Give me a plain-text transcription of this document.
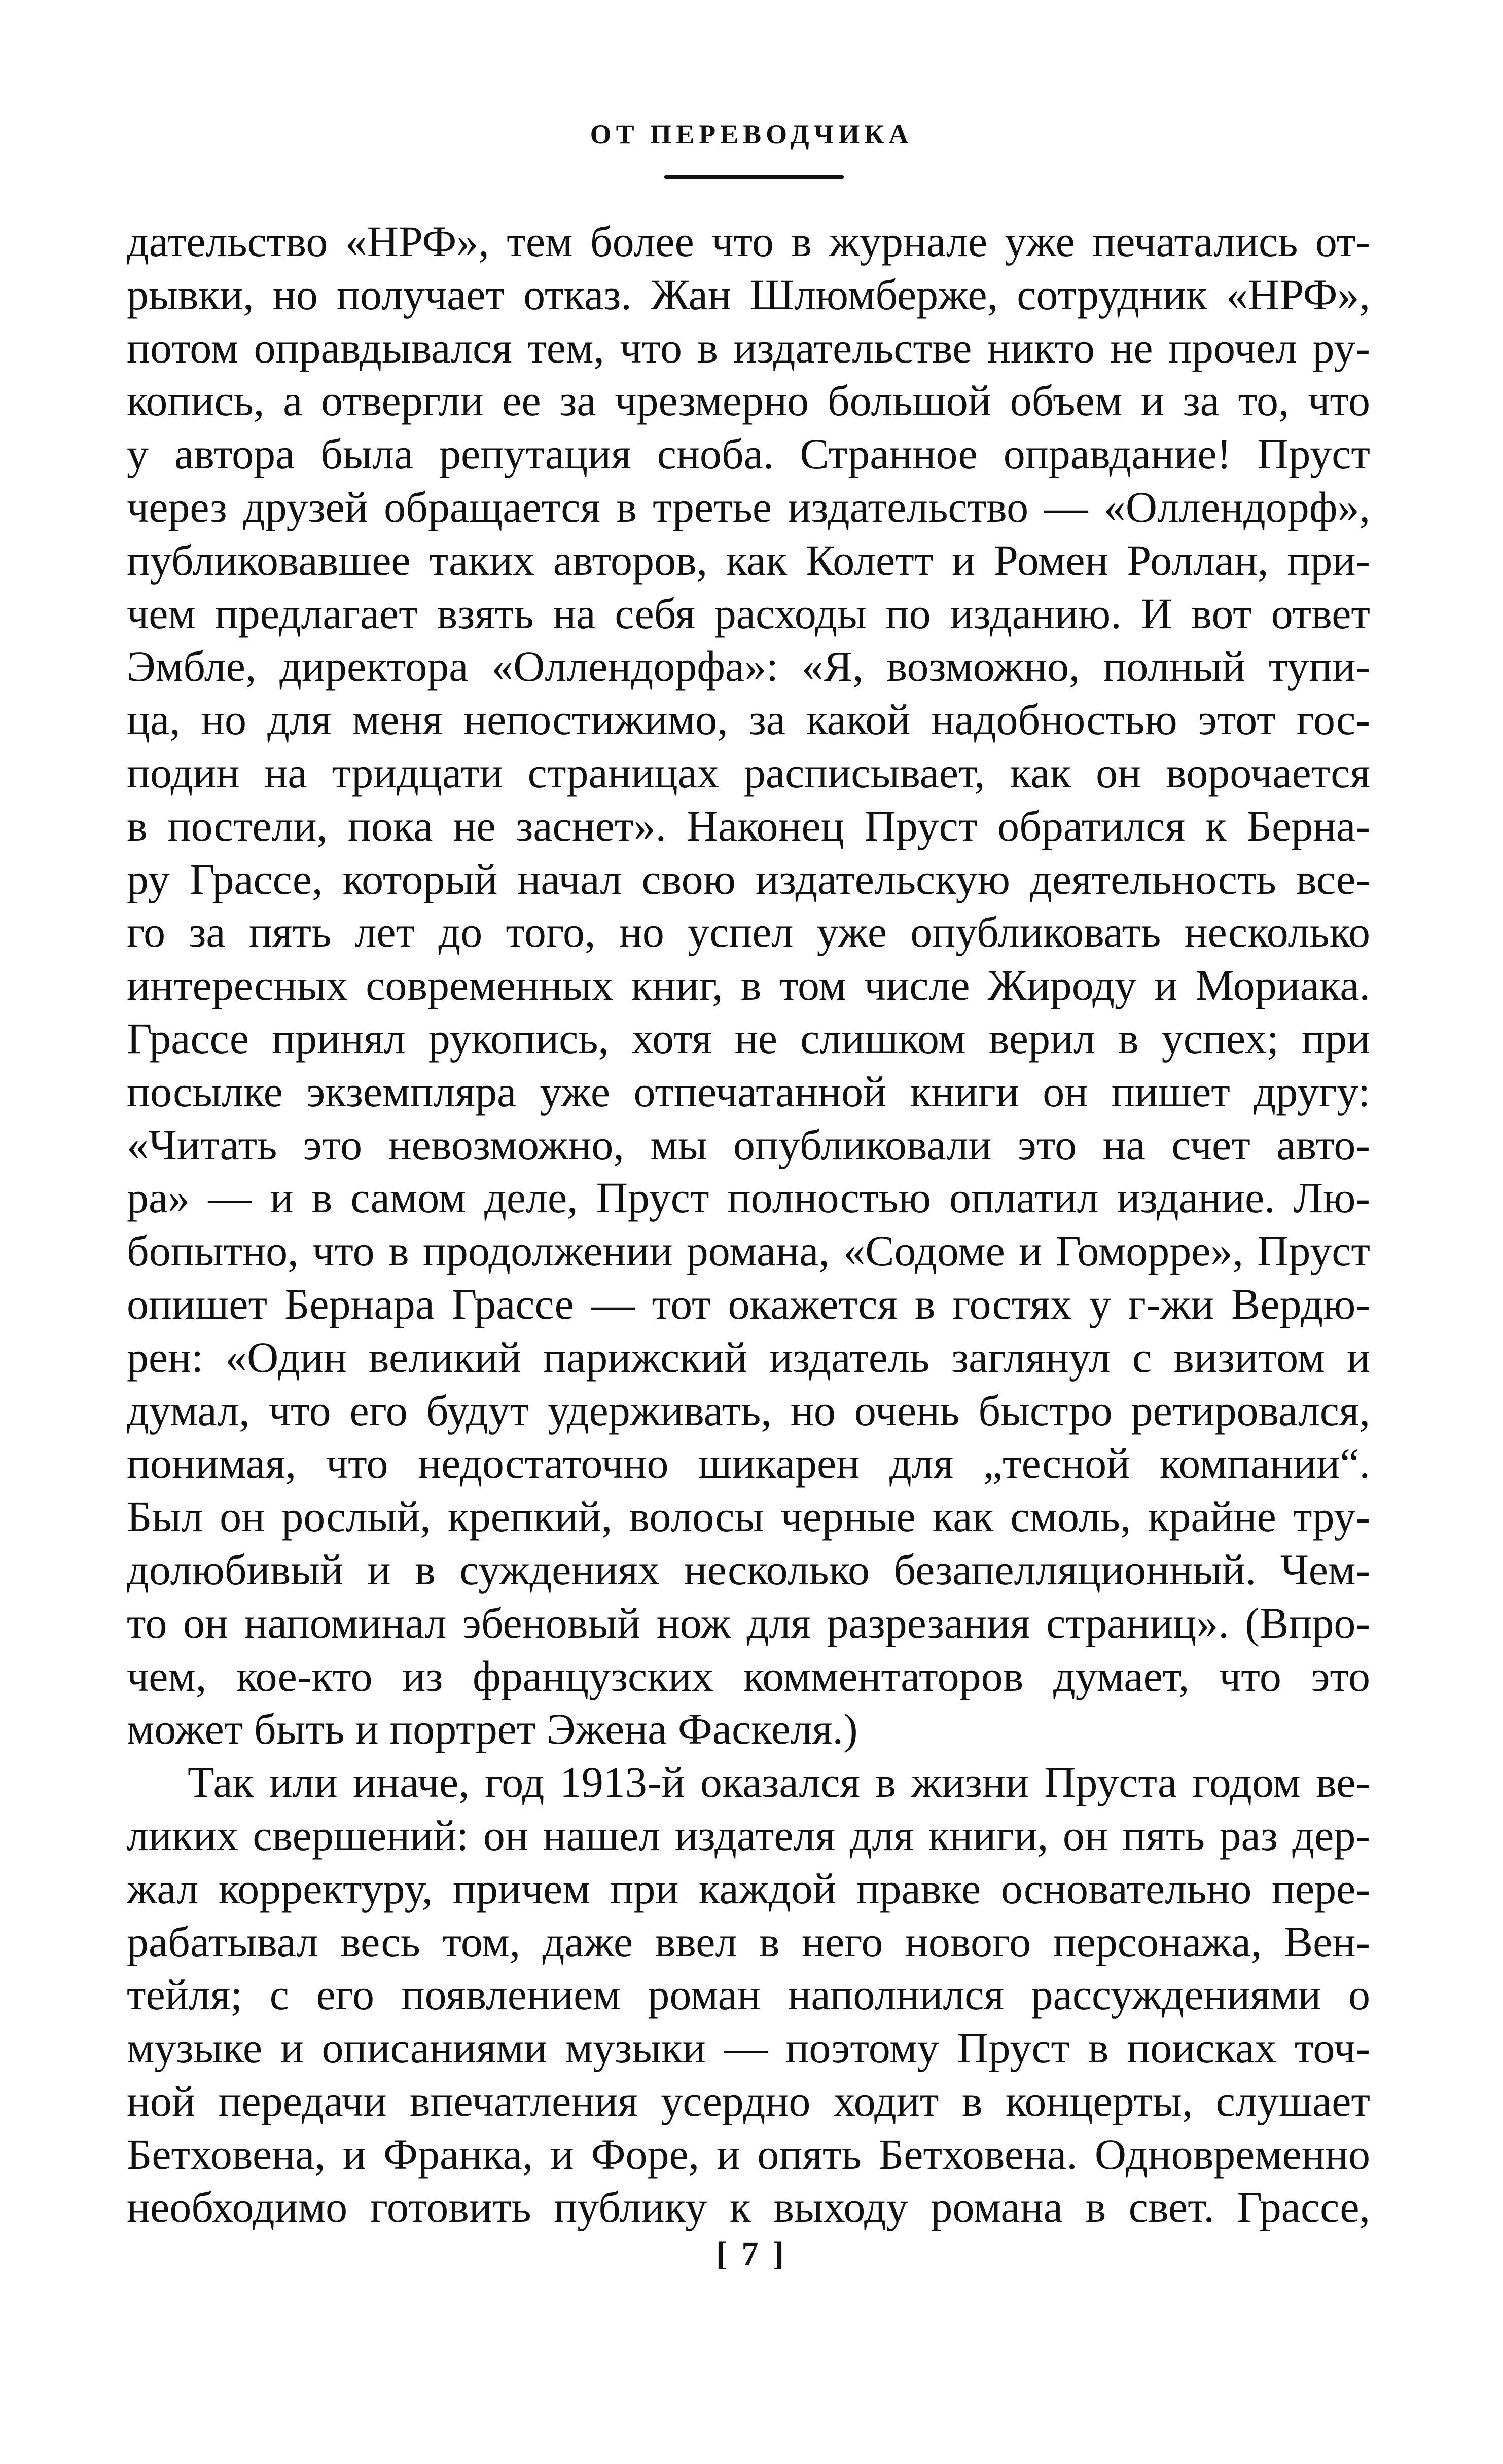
ОТ ПЕРЕВОДЧИКА
дательство «НРФ», тем более что в журнале уже печатались от-
рывки, но получает отказ. Жан Шлюмберже, сотрудник «НРФ»,
потом оправдывался тем, что в издательстве никто не прочел ру-
копись, а отвергли ее за чрезмерно большой объем и за то, что
у автора была репутация сноба. Странное оправдание! Пруст
через друзей обращается в третье издательство — «Оллендорф»,
публиковавшее таких авторов, как Колетт и Ромен Роллан, при-
чем предлагает взять на себя расходы по изданию. И вот ответ
Эмбле, директора «Оллендорфа»: «Я, возможно, полный тупи-
ца, но для меня непостижимо, за какой надобностью этот гос-
подин на тридцати страницах расписывает, как он ворочается
в постели, пока не заснет». Наконец Пруст обратился к Берна-
ру Грассе, который начал свою издательскую деятельность все-
го за пять лет до того, но успел уже опубликовать несколько
интересных современных книг, в том числе Жироду и Мориака.
Грассе принял рукопись, хотя не слишком верил в успех; при
посылке экземпляра уже отпечатанной книги он пишет другу:
«Читать это невозможно, мы опубликовали это на счет авто-
ра» — и в самом деле, Пруст полностью оплатил издание. Лю-
бопытно, что в продолжении романа, «Содоме и Гоморре», Пруст
опишет Бернара Грассе — тот окажется в гостях у г-жи Вердю-
рен: «Один великий парижский издатель заглянул с визитом и
думал, что его будут удерживать, но очень быстро ретировался,
понимая, что недостаточно шикарен для „тесной компании“.
Был он рослый, крепкий, волосы черные как смоль, крайне тру-
долюбивый и в суждениях несколько безапелляционный. Чем-
то он напоминал эбеновый нож для разрезания страниц». (Впро-
чем, кое-кто из французских комментаторов думает, что это
может быть и портрет Эжена Фаскеля.)
Так или иначе, год 1913-й оказался в жизни Пруста годом ве-
ликих свершений: он нашел издателя для книги, он пять раз дер-
жал корректуру, причем при каждой правке основательно пере-
рабатывал весь том, даже ввел в него нового персонажа, Вен-
тейля; с его появлением роман наполнился рассуждениями о
музыке и описаниями музыки — поэтому Пруст в поисках точ-
ной передачи впечатления усердно ходит в концерты, слушает
Бетховена, и Франка, и Форе, и опять Бетховена. Одновременно
необходимо готовить публику к выходу романа в свет. Грассе,
[ 7 ]
